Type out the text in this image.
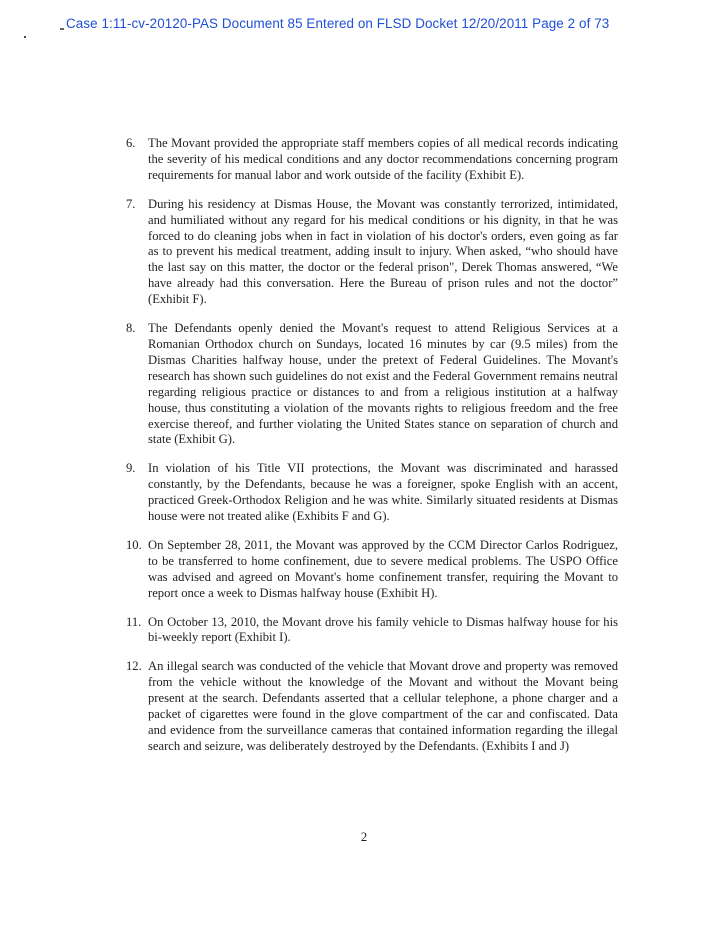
Case 1:11-cv-20120-PAS Document 85 Entered on FLSD Docket 12/20/2011 Page 2 of 73
6. The Movant provided the appropriate staff members copies of all medical records indicating the severity of his medical conditions and any doctor recommendations concerning program requirements for manual labor and work outside of the facility (Exhibit E).
7. During his residency at Dismas House, the Movant was constantly terrorized, intimidated, and humiliated without any regard for his medical conditions or his dignity, in that he was forced to do cleaning jobs when in fact in violation of his doctor's orders, even going as far as to prevent his medical treatment, adding insult to injury. When asked, “who should have the last say on this matter, the doctor or the federal prison", Derek Thomas answered, “We have already had this conversation. Here the Bureau of prison rules and not the doctor” (Exhibit F).
8. The Defendants openly denied the Movant's request to attend Religious Services at a Romanian Orthodox church on Sundays, located 16 minutes by car (9.5 miles) from the Dismas Charities halfway house, under the pretext of Federal Guidelines. The Movant's research has shown such guidelines do not exist and the Federal Government remains neutral regarding religious practice or distances to and from a religious institution at a halfway house, thus constituting a violation of the movants rights to religious freedom and the free exercise thereof, and further violating the United States stance on separation of church and state (Exhibit G).
9. In violation of his Title VII protections, the Movant was discriminated and harassed constantly, by the Defendants, because he was a foreigner, spoke English with an accent, practiced Greek-Orthodox Religion and he was white. Similarly situated residents at Dismas house were not treated alike (Exhibits F and G).
10. On September 28, 2011, the Movant was approved by the CCM Director Carlos Rodriguez, to be transferred to home confinement, due to severe medical problems. The USPO Office was advised and agreed on Movant's home confinement transfer, requiring the Movant to report once a week to Dismas halfway house (Exhibit H).
11. On October 13, 2010, the Movant drove his family vehicle to Dismas halfway house for his bi-weekly report (Exhibit I).
12. An illegal search was conducted of the vehicle that Movant drove and property was removed from the vehicle without the knowledge of the Movant and without the Movant being present at the search. Defendants asserted that a cellular telephone, a phone charger and a packet of cigarettes were found in the glove compartment of the car and confiscated. Data and evidence from the surveillance cameras that contained information regarding the illegal search and seizure, was deliberately destroyed by the Defendants. (Exhibits I and J)
2
